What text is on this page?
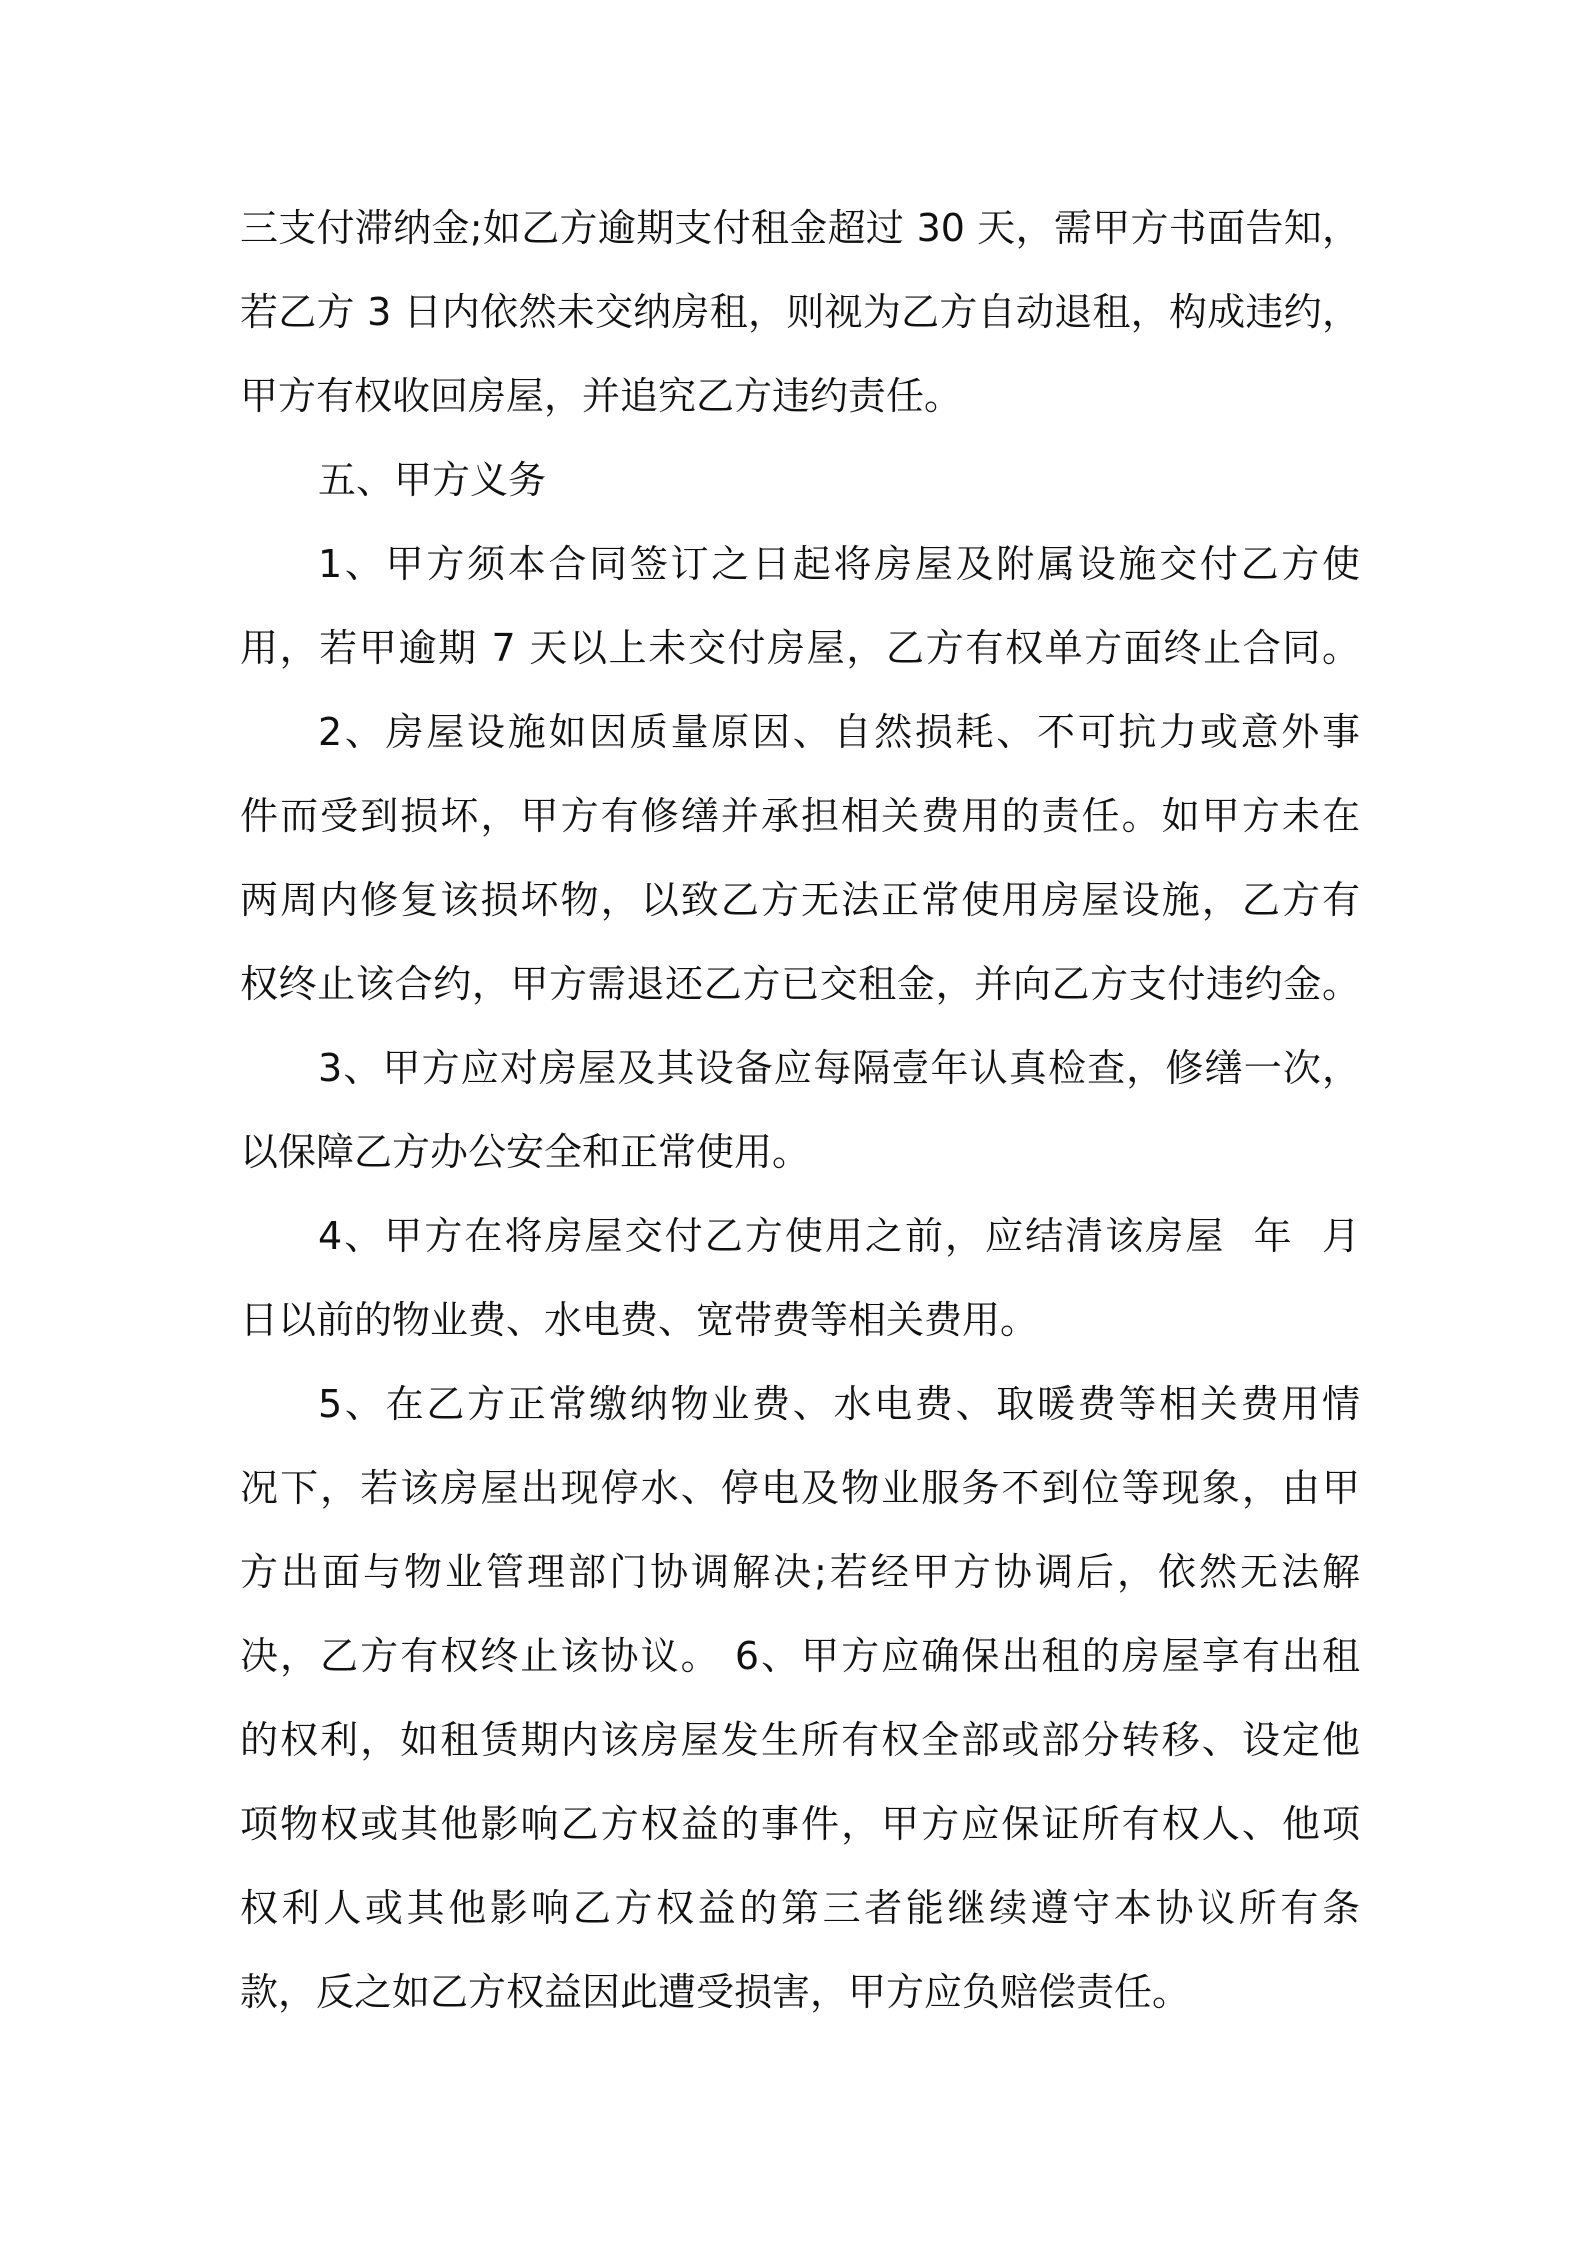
三支付滞纳金;如乙方逾期支付租金超过 30 天，需甲方书面告知，
若乙方 3 日内依然未交纳房租，则视为乙方自动退租，构成违约，
甲方有权收回房屋，并追究乙方违约责任。
五、甲方义务
1、甲方须本合同签订之日起将房屋及附属设施交付乙方使
用，若甲逾期 7 天以上未交付房屋，乙方有权单方面终止合同。
2、房屋设施如因质量原因、自然损耗、不可抗力或意外事
件而受到损坏，甲方有修缮并承担相关费用的责任。如甲方未在
两周内修复该损坏物，以致乙方无法正常使用房屋设施，乙方有
权终止该合约，甲方需退还乙方已交租金，并向乙方支付违约金。
3、甲方应对房屋及其设备应每隔壹年认真检查，修缮一次，
以保障乙方办公安全和正常使用。
4、甲方在将房屋交付乙方使用之前，应结清该房屋  年  月
日以前的物业费、水电费、宽带费等相关费用。
5、在乙方正常缴纳物业费、水电费、取暖费等相关费用情
况下，若该房屋出现停水、停电及物业服务不到位等现象，由甲
方出面与物业管理部门协调解决;若经甲方协调后，依然无法解
决，乙方有权终止该协议。 6、甲方应确保出租的房屋享有出租
的权利，如租赁期内该房屋发生所有权全部或部分转移、设定他
项物权或其他影响乙方权益的事件，甲方应保证所有权人、他项
权利人或其他影响乙方权益的第三者能继续遵守本协议所有条
款，反之如乙方权益因此遭受损害，甲方应负赔偿责任。
